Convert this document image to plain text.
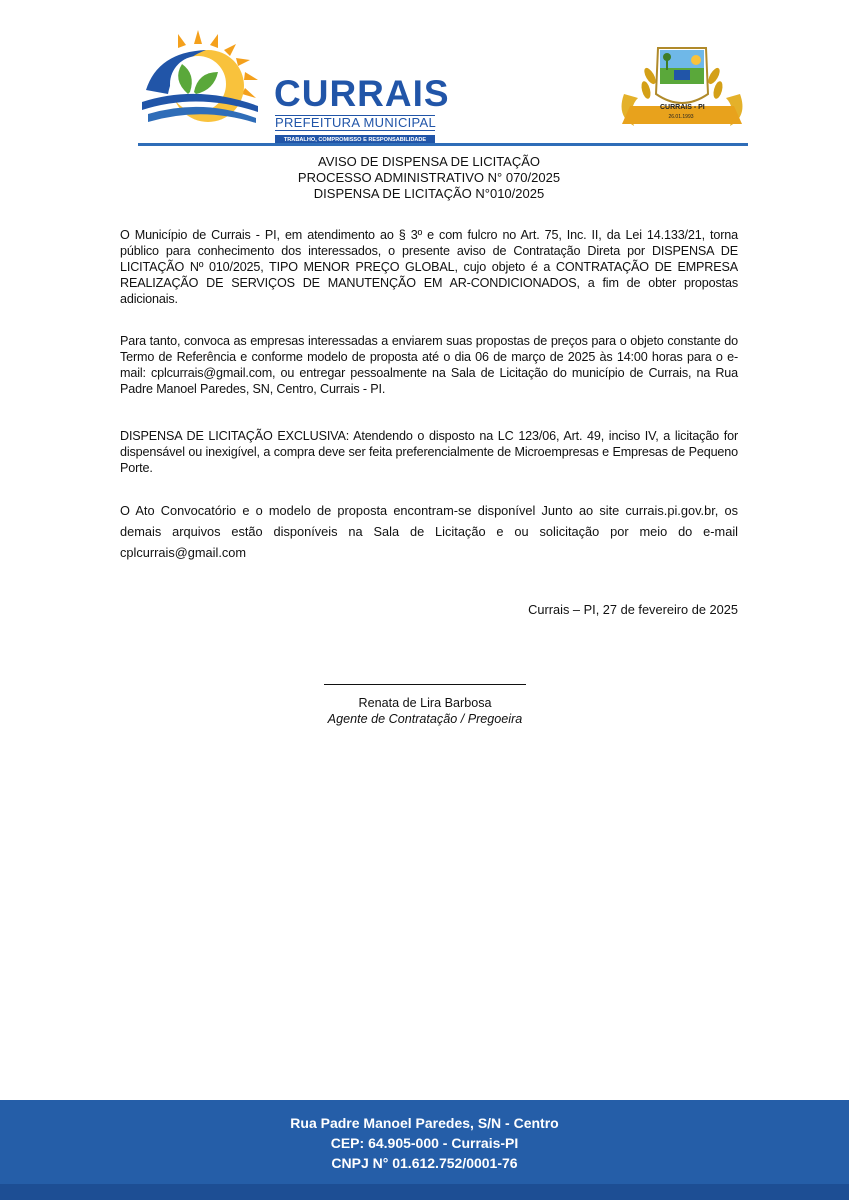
CURRAIS
PREFEITURA MUNICIPAL
TRABALHO, COMPROMISSO E RESPONSABILIDADE
CURRAIS - PI
26.01.1993
AVISO DE DISPENSA DE LICITAÇÃO
PROCESSO ADMINISTRATIVO N° 070/2025
DISPENSA DE LICITAÇÃO N°010/2025
O Município de Currais - PI, em atendimento ao § 3º e com fulcro no Art. 75, Inc. II, da Lei 14.133/21, torna público para conhecimento dos interessados, o presente aviso de Contratação Direta por DISPENSA DE LICITAÇÃO Nº 010/2025, TIPO MENOR PREÇO GLOBAL, cujo objeto é a CONTRATAÇÃO DE EMPRESA REALIZAÇÃO DE SERVIÇOS DE MANUTENÇÃO EM AR-CONDICIONADOS, a fim de obter propostas adicionais.
Para tanto, convoca as empresas interessadas a enviarem suas propostas de preços para o objeto constante do Termo de Referência e conforme modelo de proposta até o dia 06 de março de 2025 às 14:00 horas para o e-mail: cplcurrais@gmail.com, ou entregar pessoalmente na Sala de Licitação do município de Currais, na Rua Padre Manoel Paredes, SN, Centro, Currais - PI.
DISPENSA DE LICITAÇÃO EXCLUSIVA: Atendendo o disposto na LC 123/06, Art. 49, inciso IV, a licitação for dispensável ou inexigível, a compra deve ser feita preferencialmente de Microempresas e Empresas de Pequeno Porte.
O Ato Convocatório e o modelo de proposta encontram-se disponível Junto ao site currais.pi.gov.br, os demais arquivos estão disponíveis na Sala de Licitação e ou solicitação por meio do e-mail cplcurrais@gmail.com
Currais – PI, 27 de fevereiro de 2025
Renata de Lira Barbosa
Agente de Contratação / Pregoeira
Rua Padre Manoel Paredes, S/N - Centro
CEP: 64.905-000 - Currais-PI
CNPJ N° 01.612.752/0001-76
